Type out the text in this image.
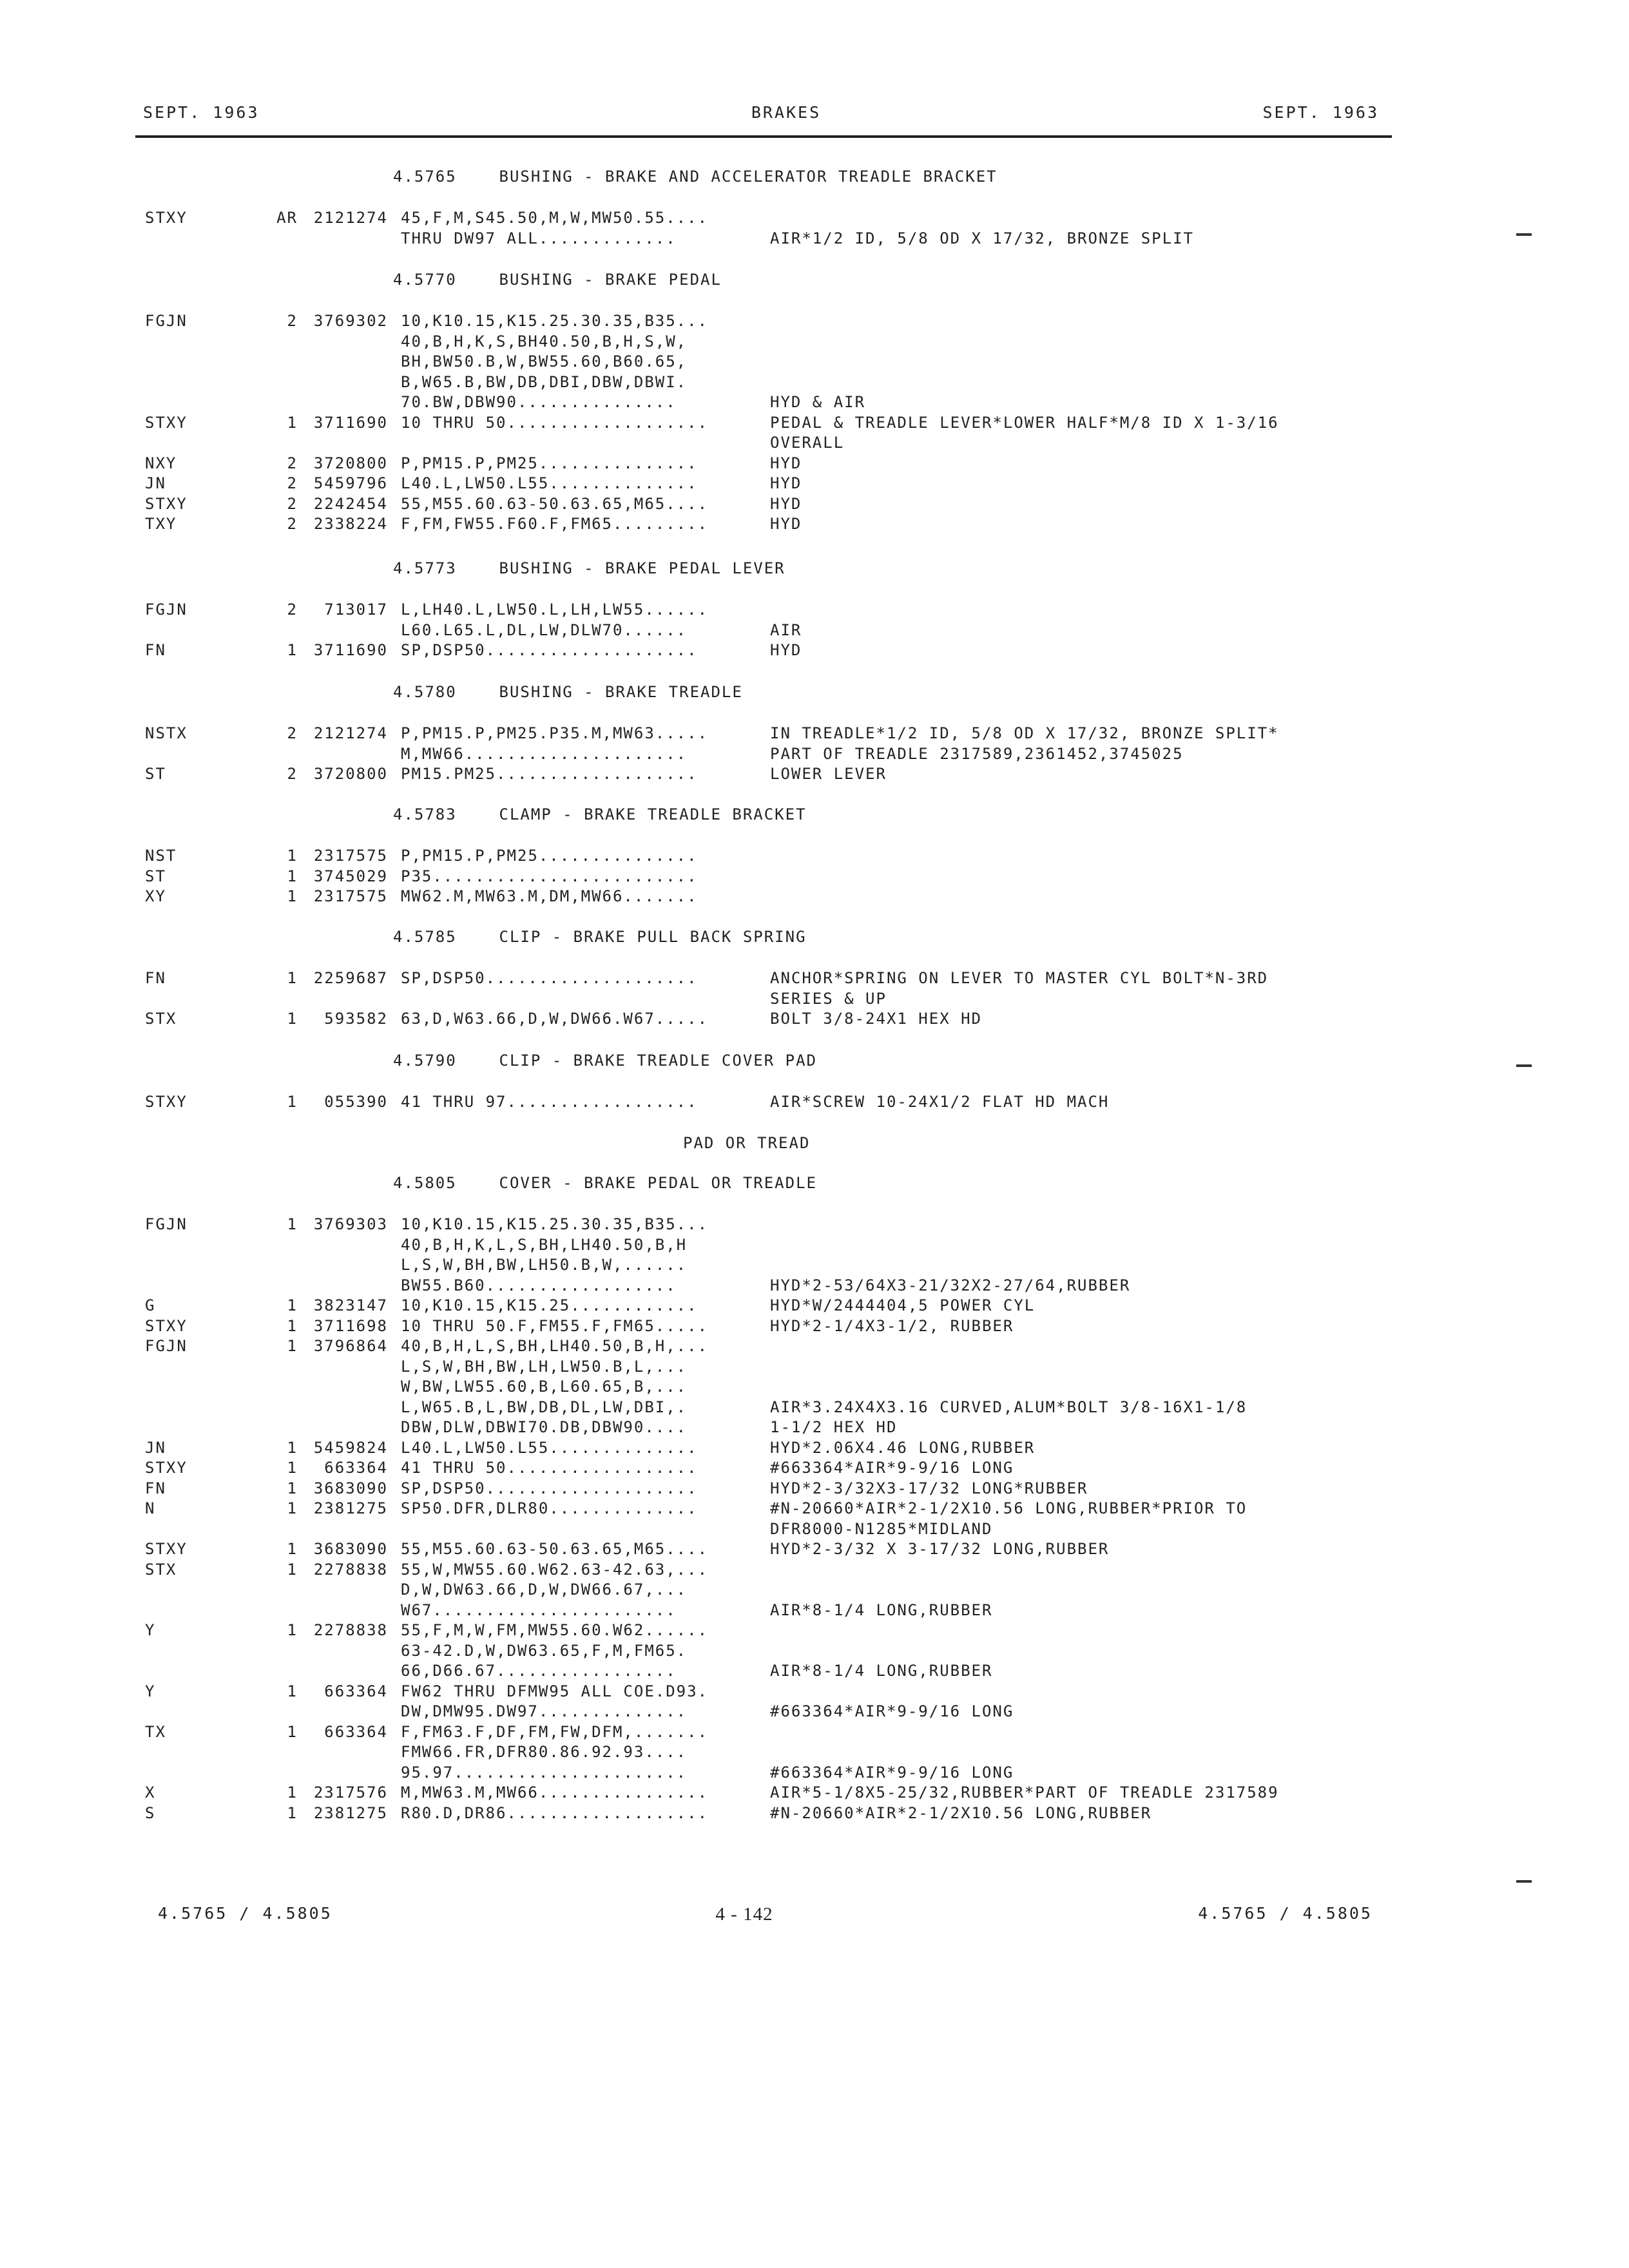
SEPT. 1963	BRAKES	SEPT. 1963
PAD OR TREAD
4.5765 / 4.5805	4 - 142	4.5765 / 4.5805
4.5765    BUSHING - BRAKE AND ACCELERATOR TREADLE BRACKET
STXY	AR	2121274 45,F,M,S45.50,M,W,MW50.55....
THRU DW97 ALL.............	AIR*1/2 ID, 5/8 OD X 17/32, BRONZE SPLIT
4.5770    BUSHING - BRAKE PEDAL
FGJN	2	3769302 10,K10.15,K15.25.30.35,B35...
40,B,H,K,S,BH40.50,B,H,S,W,
BH,BW50.B,W,BW55.60,B60.65,
B,W65.B,BW,DB,DBI,DBW,DBWI.
70.BW,DBW90...............	HYD & AIR
STXY	1	3711690 10 THRU 50...................	PEDAL & TREADLE LEVER*LOWER HALF*M/8 ID X 1-3/16
OVERALL
NXY	2	3720800 P,PM15.P,PM25...............	HYD
JN	2	5459796 L40.L,LW50.L55..............	HYD
STXY	2	2242454 55,M55.60.63-50.63.65,M65....	HYD
TXY	2	2338224 F,FM,FW55.F60.F,FM65.........	HYD
4.5773    BUSHING - BRAKE PEDAL LEVER
FGJN	2	713017 L,LH40.L,LW50.L,LH,LW55......
L60.L65.L,DL,LW,DLW70......	AIR
FN	1	3711690 SP,DSP50....................	HYD
4.5780    BUSHING - BRAKE TREADLE
NSTX	2	2121274 P,PM15.P,PM25.P35.M,MW63.....	IN TREADLE*1/2 ID, 5/8 OD X 17/32, BRONZE SPLIT*
M,MW66.....................	PART OF TREADLE 2317589,2361452,3745025
ST	2	3720800 PM15.PM25...................	LOWER LEVER
4.5783    CLAMP - BRAKE TREADLE BRACKET
NST	1	2317575 P,PM15.P,PM25...............
ST	1	3745029 P35.........................
XY	1	2317575 MW62.M,MW63.M,DM,MW66.......
4.5785    CLIP - BRAKE PULL BACK SPRING
FN	1	2259687 SP,DSP50....................	ANCHOR*SPRING ON LEVER TO MASTER CYL BOLT*N-3RD
SERIES & UP
STX	1	593582 63,D,W63.66,D,W,DW66.W67.....	BOLT 3/8-24X1 HEX HD
4.5790    CLIP - BRAKE TREADLE COVER PAD
STXY	1	055390 41 THRU 97..................	AIR*SCREW 10-24X1/2 FLAT HD MACH
4.5805    COVER - BRAKE PEDAL OR TREADLE
FGJN	1	3769303 10,K10.15,K15.25.30.35,B35...
40,B,H,K,L,S,BH,LH40.50,B,H
L,S,W,BH,BW,LH50.B,W,......
BW55.B60..................	HYD*2-53/64X3-21/32X2-27/64,RUBBER
G	1	3823147 10,K10.15,K15.25............	HYD*W/2444404,5 POWER CYL
STXY	1	3711698 10 THRU 50.F,FM55.F,FM65.....	HYD*2-1/4X3-1/2, RUBBER
FGJN	1	3796864 40,B,H,L,S,BH,LH40.50,B,H,...
L,S,W,BH,BW,LH,LW50.B,L,...
W,BW,LW55.60,B,L60.65,B,...
L,W65.B,L,BW,DB,DL,LW,DBI,.	AIR*3.24X4X3.16 CURVED,ALUM*BOLT 3/8-16X1-1/8
DBW,DLW,DBWI70.DB,DBW90....	1-1/2 HEX HD
JN	1	5459824 L40.L,LW50.L55..............	HYD*2.06X4.46 LONG,RUBBER
STXY	1	663364 41 THRU 50..................	#663364*AIR*9-9/16 LONG
FN	1	3683090 SP,DSP50....................	HYD*2-3/32X3-17/32 LONG*RUBBER
N	1	2381275 SP50.DFR,DLR80..............	#N-20660*AIR*2-1/2X10.56 LONG,RUBBER*PRIOR TO
DFR8000-N1285*MIDLAND
STXY	1	3683090 55,M55.60.63-50.63.65,M65....	HYD*2-3/32 X 3-17/32 LONG,RUBBER
STX	1	2278838 55,W,MW55.60.W62.63-42.63,...
D,W,DW63.66,D,W,DW66.67,...
W67.......................	AIR*8-1/4 LONG,RUBBER
Y	1	2278838 55,F,M,W,FM,MW55.60.W62......
63-42.D,W,DW63.65,F,M,FM65.
66,D66.67.................	AIR*8-1/4 LONG,RUBBER
Y	1	663364 FW62 THRU DFMW95 ALL COE.D93.
DW,DMW95.DW97..............	#663364*AIR*9-9/16 LONG
TX	1	663364 F,FM63.F,DF,FM,FW,DFM,.......
FMW66.FR,DFR80.86.92.93....
95.97......................	#663364*AIR*9-9/16 LONG
X	1	2317576 M,MW63.M,MW66................	AIR*5-1/8X5-25/32,RUBBER*PART OF TREADLE 2317589
S	1	2381275 R80.D,DR86...................	#N-20660*AIR*2-1/2X10.56 LONG,RUBBER
